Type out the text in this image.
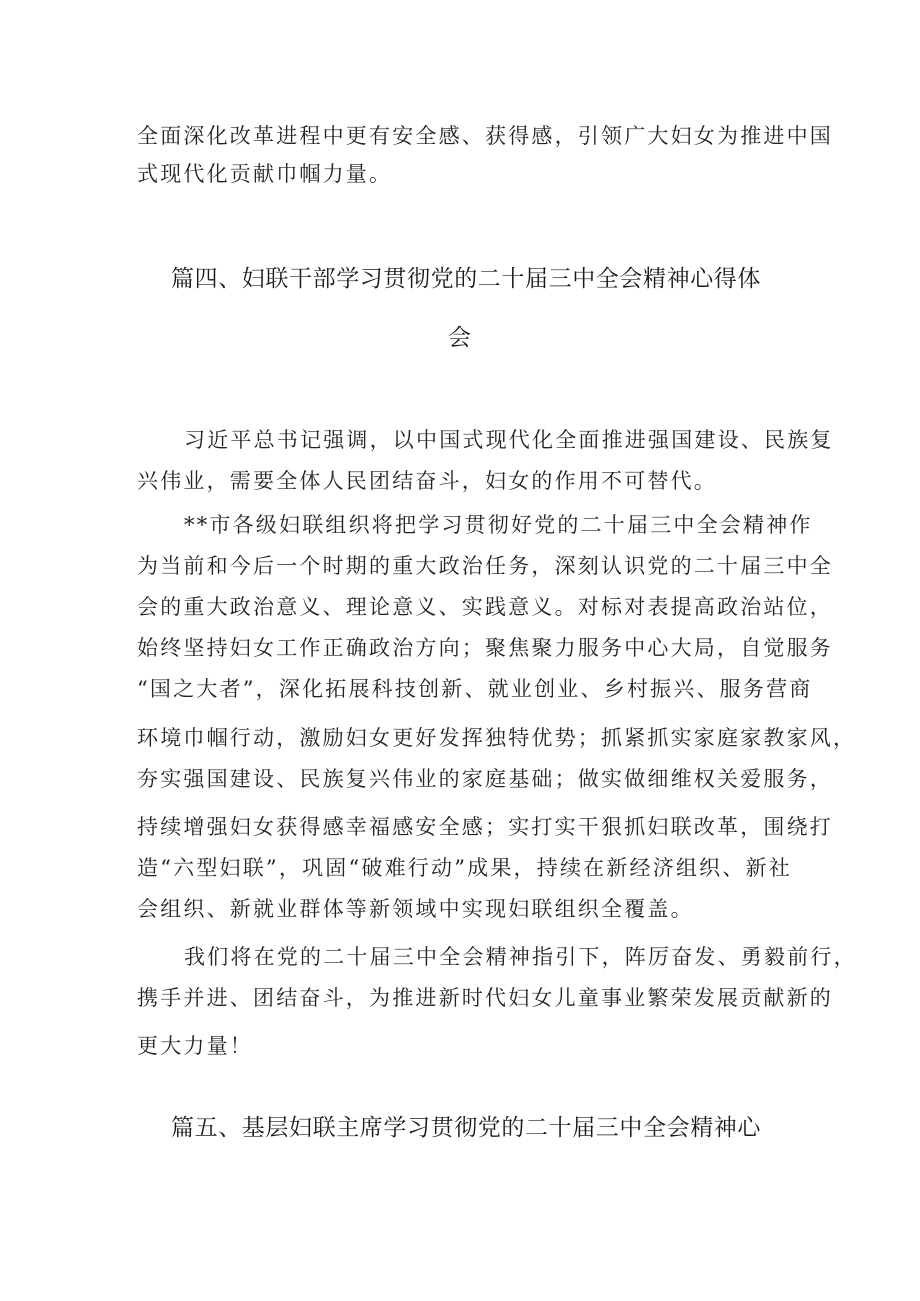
全面深化改革进程中更有安全感、获得感，引领广大妇女为推进中国
式现代化贡献巾帼力量。
篇四、妇联干部学习贯彻党的二十届三中全会精神心得体
会
习近平总书记强调，以中国式现代化全面推进强国建设、民族复
兴伟业，需要全体人民团结奋斗，妇女的作用不可替代。
**市各级妇联组织将把学习贯彻好党的二十届三中全会精神作
为当前和今后一个时期的重大政治任务，深刻认识党的二十届三中全
会的重大政治意义、理论意义、实践意义。对标对表提高政治站位，
始终坚持妇女工作正确政治方向；聚焦聚力服务中心大局，自觉服务
“国之大者”，深化拓展科技创新、就业创业、乡村振兴、服务营商
环境巾帼行动，激励妇女更好发挥独特优势；抓紧抓实家庭家教家风，
夯实强国建设、民族复兴伟业的家庭基础；做实做细维权关爱服务，
持续增强妇女获得感幸福感安全感；实打实干狠抓妇联改革，围绕打
造“六型妇联”，巩固“破难行动”成果，持续在新经济组织、新社
会组织、新就业群体等新领域中实现妇联组织全覆盖。
我们将在党的二十届三中全会精神指引下，阵厉奋发、勇毅前行，
携手并进、团结奋斗，为推进新时代妇女儿童事业繁荣发展贡献新的
更大力量！
篇五、基层妇联主席学习贯彻党的二十届三中全会精神心
